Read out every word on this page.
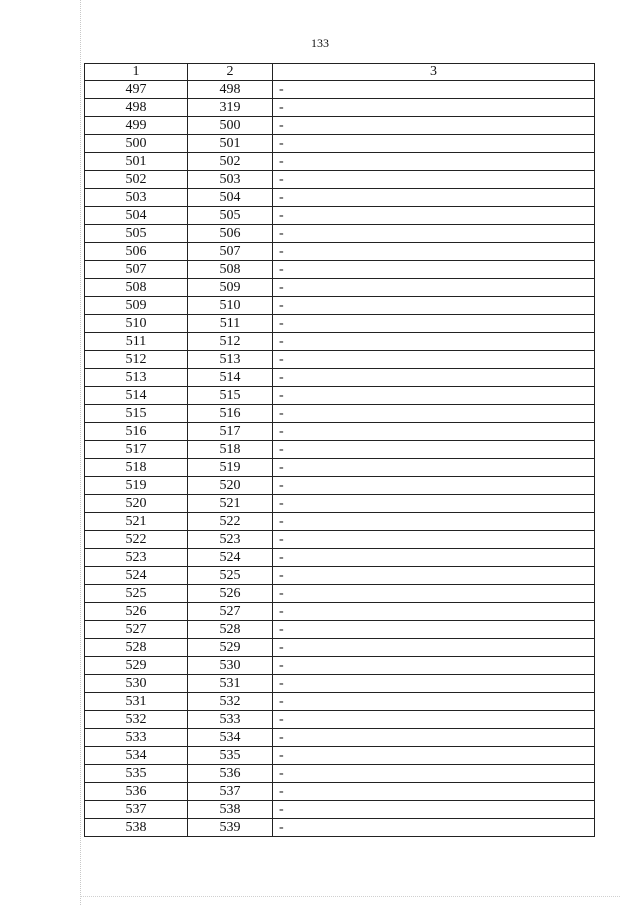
133
1	2	3
497	498	-
498	319	-
499	500	-
500	501	-
501	502	-
502	503	-
503	504	-
504	505	-
505	506	-
506	507	-
507	508	-
508	509	-
509	510	-
510	511	-
511	512	-
512	513	-
513	514	-
514	515	-
515	516	-
516	517	-
517	518	-
518	519	-
519	520	-
520	521	-
521	522	-
522	523	-
523	524	-
524	525	-
525	526	-
526	527	-
527	528	-
528	529	-
529	530	-
530	531	-
531	532	-
532	533	-
533	534	-
534	535	-
535	536	-
536	537	-
537	538	-
538	539	-
